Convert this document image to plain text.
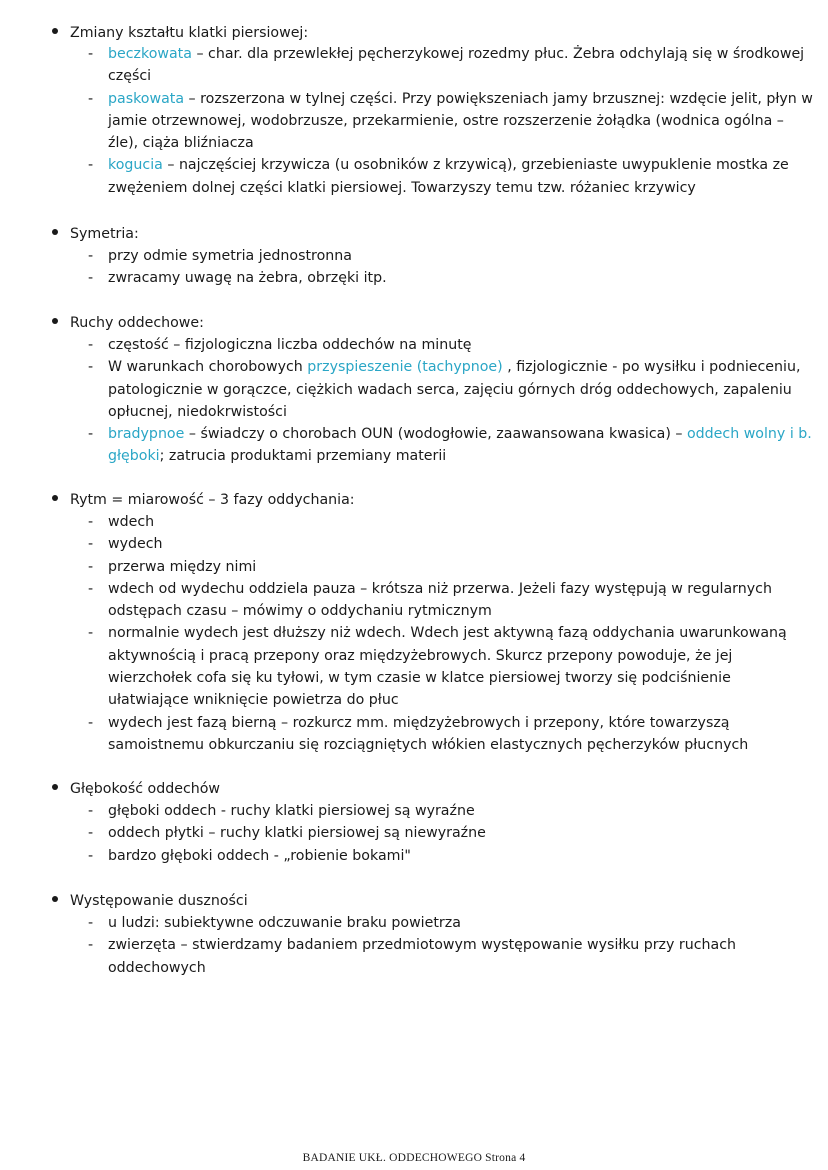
Zmiany kształtu klatki piersiowej:
-	beczkowata – char. dla przewlekłej pęcherzykowej rozedmy płuc. Żebra odchylają się w środkowej części
-	paskowata – rozszerzona w tylnej części. Przy powiększeniach jamy brzusznej: wzdęcie jelit, płyn w jamie otrzewnowej, wodobrzusze, przekarmienie, ostre rozszerzenie żołądka (wodnica ogólna – źle), ciąża bliźniacza
-	kogucia – najczęściej krzywicza (u osobników z krzywicą), grzebieniaste uwypuklenie mostka ze zwężeniem dolnej części klatki piersiowej. Towarzyszy temu tzw. różaniec krzywicy
Symetria:
-	przy odmie symetria jednostronna
-	zwracamy uwagę na żebra, obrzęki itp.
Ruchy oddechowe:
-	częstość – fizjologiczna liczba oddechów na minutę
-	W warunkach chorobowych przyspieszenie (tachypnoe) , fizjologicznie - po wysiłku i podnieceniu, patologicznie w gorączce, ciężkich wadach serca, zajęciu górnych dróg oddechowych, zapaleniu opłucnej, niedokrwistości
-	bradypnoe – świadczy o chorobach OUN (wodogłowie, zaawansowana kwasica) – oddech wolny i b. głęboki; zatrucia produktami przemiany materii
Rytm = miarowość – 3 fazy oddychania:
-	wdech
-	wydech
-	przerwa między nimi
-	wdech od wydechu oddziela pauza – krótsza niż przerwa. Jeżeli fazy występują w regularnych odstępach czasu – mówimy o oddychaniu rytmicznym
-	normalnie wydech jest dłuższy niż wdech. Wdech jest aktywną fazą oddychania uwarunkowaną aktywnością i pracą przepony oraz międzyżebrowych. Skurcz przepony powoduje, że jej wierzchołek cofa się ku tyłowi, w tym czasie w klatce piersiowej tworzy się podciśnienie ułatwiające wniknięcie powietrza do płuc
-	wydech jest fazą bierną – rozkurcz mm. międzyżebrowych i przepony, które towarzyszą samoistnemu obkurczaniu się rozciągniętych włókien elastycznych pęcherzyków płucnych
Głębokość oddechów
-	głęboki oddech - ruchy klatki piersiowej są wyraźne
-	oddech płytki – ruchy klatki piersiowej są niewyraźne
-	bardzo głęboki oddech - „robienie bokami"
Występowanie duszności
-	u ludzi: subiektywne odczuwanie braku powietrza
-	zwierzęta – stwierdzamy badaniem przedmiotowym występowanie wysiłku przy ruchach oddechowych
BADANIE UKŁ. ODDECHOWEGO Strona 4
